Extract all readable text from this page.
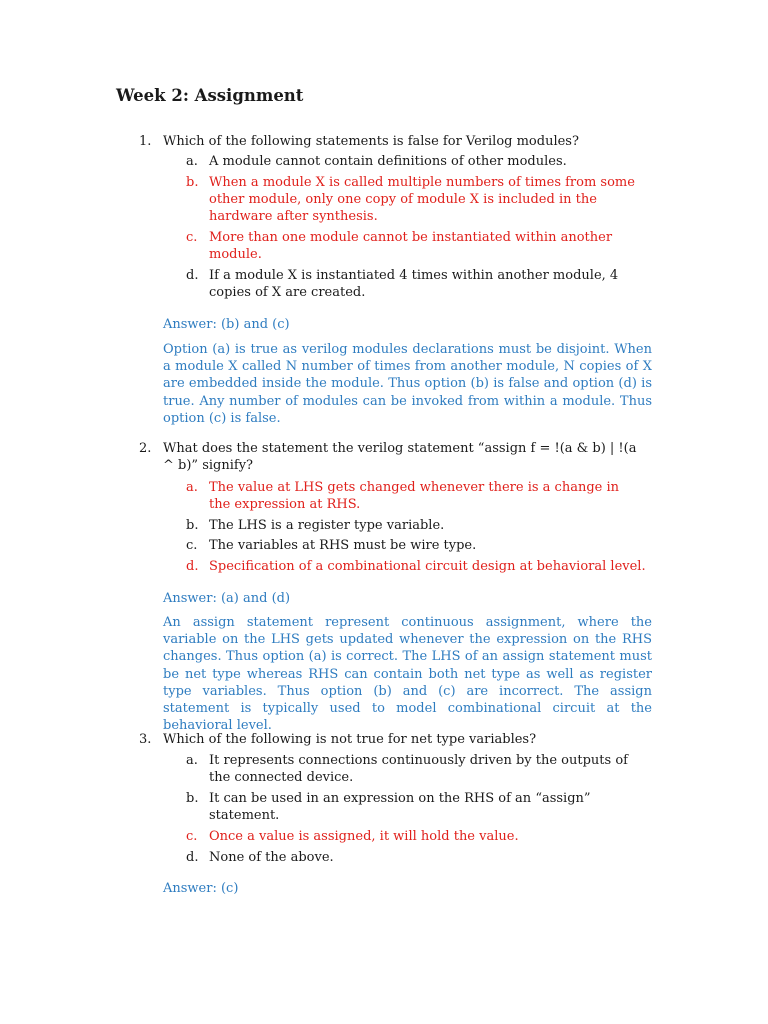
Week 2: Assignment
1. Which of the following statements is false for Verilog modules?
a. A module cannot contain definitions of other modules.
b. When a module X is called multiple numbers of times from some other module, only one copy of module X is included in the hardware after synthesis.
c. More than one module cannot be instantiated within another module.
d. If a module X is instantiated 4 times within another module, 4 copies of X are created.
Answer: (b) and (c)
Option (a) is true as verilog modules declarations must be disjoint. When a module X called N number of times from another module, N copies of X are embedded inside the module. Thus option (b) is false and option (d) is true. Any number of modules can be invoked from within a module. Thus option (c) is false.
2. What does the statement the verilog statement “assign f = !(a & b) | !(a ^ b)” signify?
a. The value at LHS gets changed whenever there is a change in the expression at RHS.
b. The LHS is a register type variable.
c. The variables at RHS must be wire type.
d. Specification of a combinational circuit design at behavioral level.
Answer: (a) and (d)
An assign statement represent continuous assignment, where the variable on the LHS gets updated whenever the expression on the RHS changes. Thus option (a) is correct. The LHS of an assign statement must be net type whereas RHS can contain both net type as well as register type variables. Thus option (b) and (c) are incorrect. The assign statement is typically used to model combinational circuit at the behavioral level.
3. Which of the following is not true for net type variables?
a. It represents connections continuously driven by the outputs of the connected device.
b. It can be used in an expression on the RHS of an “assign” statement.
c. Once a value is assigned, it will hold the value.
d. None of the above.
Answer: (c)
